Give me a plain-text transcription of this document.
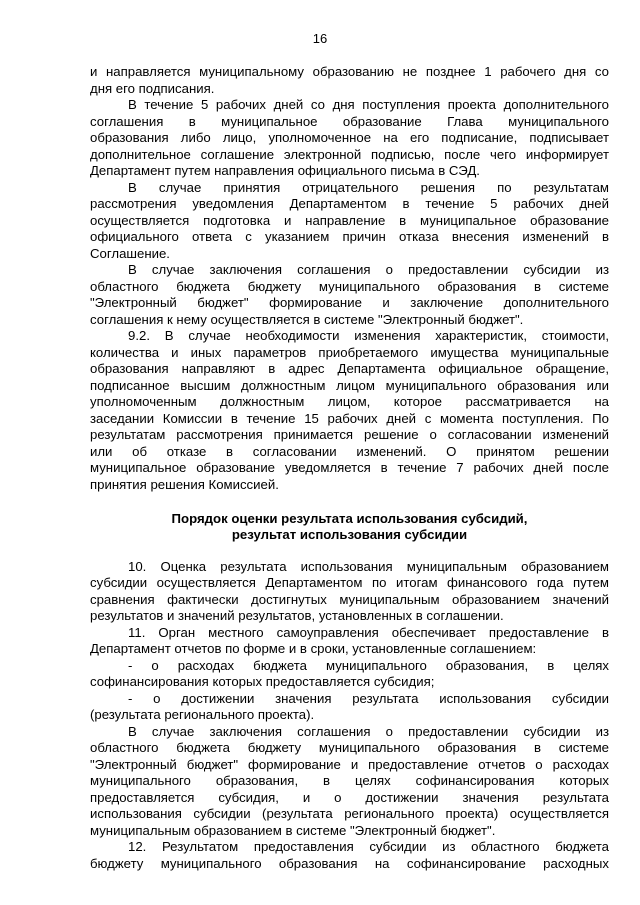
16
и направляется муниципальному образованию не позднее 1 рабочего дня со
дня его подписания.
В течение 5 рабочих дней со дня поступления проекта дополнительного
соглашения в муниципальное образование Глава муниципального
образования либо лицо, уполномоченное на его подписание, подписывает
дополнительное соглашение электронной подписью, после чего информирует
Департамент путем направления официального письма в СЭД.
В случае принятия отрицательного решения по результатам
рассмотрения уведомления Департаментом в течение 5 рабочих дней
осуществляется подготовка и направление в муниципальное образование
официального ответа с указанием причин отказа внесения изменений в
Соглашение.
В случае заключения соглашения о предоставлении субсидии из
областного бюджета бюджету муниципального образования в системе
"Электронный бюджет" формирование и заключение дополнительного
соглашения к нему осуществляется в системе "Электронный бюджет".
9.2. В случае необходимости изменения характеристик, стоимости,
количества и иных параметров приобретаемого имущества муниципальные
образования направляют в адрес Департамента официальное обращение,
подписанное высшим должностным лицом муниципального образования или
уполномоченным должностным лицом, которое рассматривается на
заседании Комиссии в течение 15 рабочих дней с момента поступления. По
результатам рассмотрения принимается решение о согласовании изменений
или об отказе в согласовании изменений. О принятом решении
муниципальное образование уведомляется в течение 7 рабочих дней после
принятия решения Комиссией.
Порядок оценки результата использования субсидий,
результат использования субсидии
10. Оценка результата использования муниципальным образованием
субсидии осуществляется Департаментом по итогам финансового года путем
сравнения фактически достигнутых муниципальным образованием значений
результатов и значений результатов, установленных в соглашении.
11. Орган местного самоуправления обеспечивает предоставление в
Департамент отчетов по форме и в сроки, установленные соглашением:
- о расходах бюджета муниципального образования, в целях
софинансирования которых предоставляется субсидия;
- о достижении значения результата использования субсидии
(результата регионального проекта).
В случае заключения соглашения о предоставлении субсидии из
областного бюджета бюджету муниципального образования в системе
"Электронный бюджет" формирование и предоставление отчетов о расходах
муниципального образования, в целях софинансирования которых
предоставляется субсидия, и о достижении значения результата
использования субсидии (результата регионального проекта) осуществляется
муниципальным образованием в системе "Электронный бюджет".
12. Результатом предоставления субсидии из областного бюджета
бюджету муниципального образования на софинансирование расходных
